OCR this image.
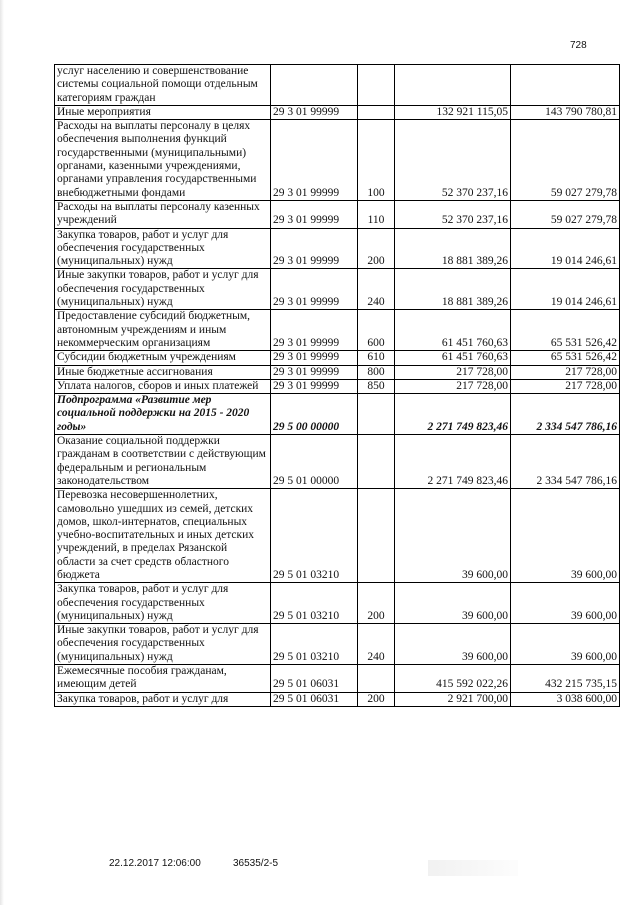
728
услуг населению и совершенствование системы социальной помощи отдельным категориям граждан				
Иные мероприятия	29 3 01 99999		132 921 115,05	143 790 780,81
Расходы на выплаты персоналу в целях обеспечения выполнения функций государственными (муниципальными) органами, казенными учреждениями, органами управления государственными внебюджетными фондами	29 3 01 99999	100	52 370 237,16	59 027 279,78
Расходы на выплаты персоналу казенных учреждений	29 3 01 99999	110	52 370 237,16	59 027 279,78
Закупка товаров, работ и услуг для обеспечения государственных (муниципальных) нужд	29 3 01 99999	200	18 881 389,26	19 014 246,61
Иные закупки товаров, работ и услуг для обеспечения государственных (муниципальных) нужд	29 3 01 99999	240	18 881 389,26	19 014 246,61
Предоставление субсидий бюджетным, автономным учреждениям и иным некоммерческим организациям	29 3 01 99999	600	61 451 760,63	65 531 526,42
Субсидии бюджетным учреждениям	29 3 01 99999	610	61 451 760,63	65 531 526,42
Иные бюджетные ассигнования	29 3 01 99999	800	217 728,00	217 728,00
Уплата налогов, сборов и иных платежей	29 3 01 99999	850	217 728,00	217 728,00
Подпрограмма «Развитие мер социальной поддержки на 2015 - 2020 годы»	29 5 00 00000		2 271 749 823,46	2 334 547 786,16
Оказание социальной поддержки гражданам в соответствии с действующим федеральным и региональным законодательством	29 5 01 00000		2 271 749 823,46	2 334 547 786,16
Перевозка несовершеннолетних, самовольно ушедших из семей, детских домов, школ-интернатов, специальных учебно-воспитательных и иных детских учреждений, в пределах Рязанской области за счет средств областного бюджета	29 5 01 03210		39 600,00	39 600,00
Закупка товаров, работ и услуг для обеспечения государственных (муниципальных) нужд	29 5 01 03210	200	39 600,00	39 600,00
Иные закупки товаров, работ и услуг для обеспечения государственных (муниципальных) нужд	29 5 01 03210	240	39 600,00	39 600,00
Ежемесячные пособия гражданам, имеющим детей	29 5 01 06031		415 592 022,26	432 215 735,15
Закупка товаров, работ и услуг для	29 5 01 06031	200	2 921 700,00	3 038 600,00
22.12.2017 12:06:00	36535/2-5
